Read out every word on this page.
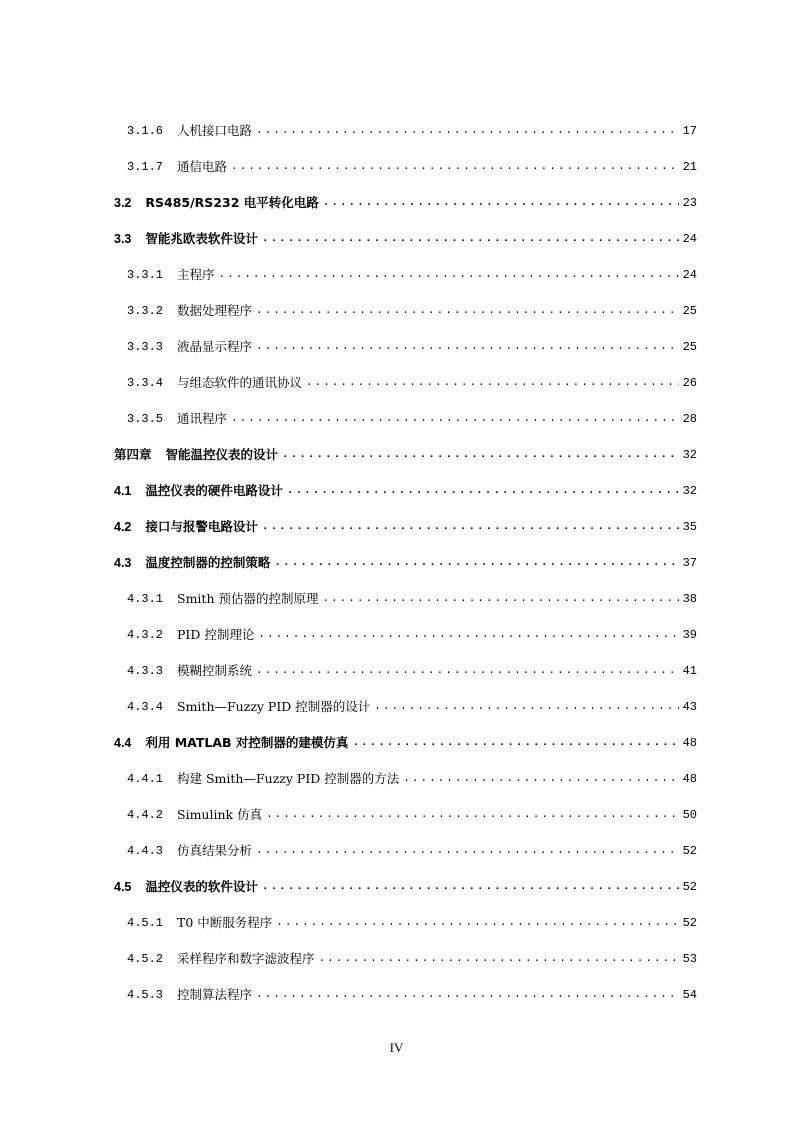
3.1.6 人机接口电路 .....	17
3.1.7 通信电路 .....	21
3.2 RS485/RS232 电平转化电路 .....	23
3.3 智能兆欧表软件设计 .....	24
3.3.1 主程序 .....	24
3.3.2 数据处理程序 .....	25
3.3.3 液晶显示程序 .....	25
3.3.4 与组态软件的通讯协议 .....	26
3.3.5 通讯程序 .....	28
第四章 智能温控仪表的设计 .....	32
4.1 温控仪表的硬件电路设计 .....	32
4.2 接口与报警电路设计 .....	35
4.3 温度控制器的控制策略 .....	37
4.3.1 Smith 预估器的控制原理 .....	38
4.3.2 PID 控制理论 .....	39
4.3.3 模糊控制系统 .....	41
4.3.4 Smith—Fuzzy PID 控制器的设计 .....	43
4.4 利用 MATLAB 对控制器的建模仿真 .....	48
4.4.1 构建 Smith—Fuzzy PID 控制器的方法 .....	48
4.4.2 Simulink 仿真 .....	50
4.4.3 仿真结果分析 .....	52
4.5 温控仪表的软件设计 .....	52
4.5.1 T0 中断服务程序 .....	52
4.5.2 采样程序和数字滤波程序 .....	53
4.5.3 控制算法程序 .....	54
IV
